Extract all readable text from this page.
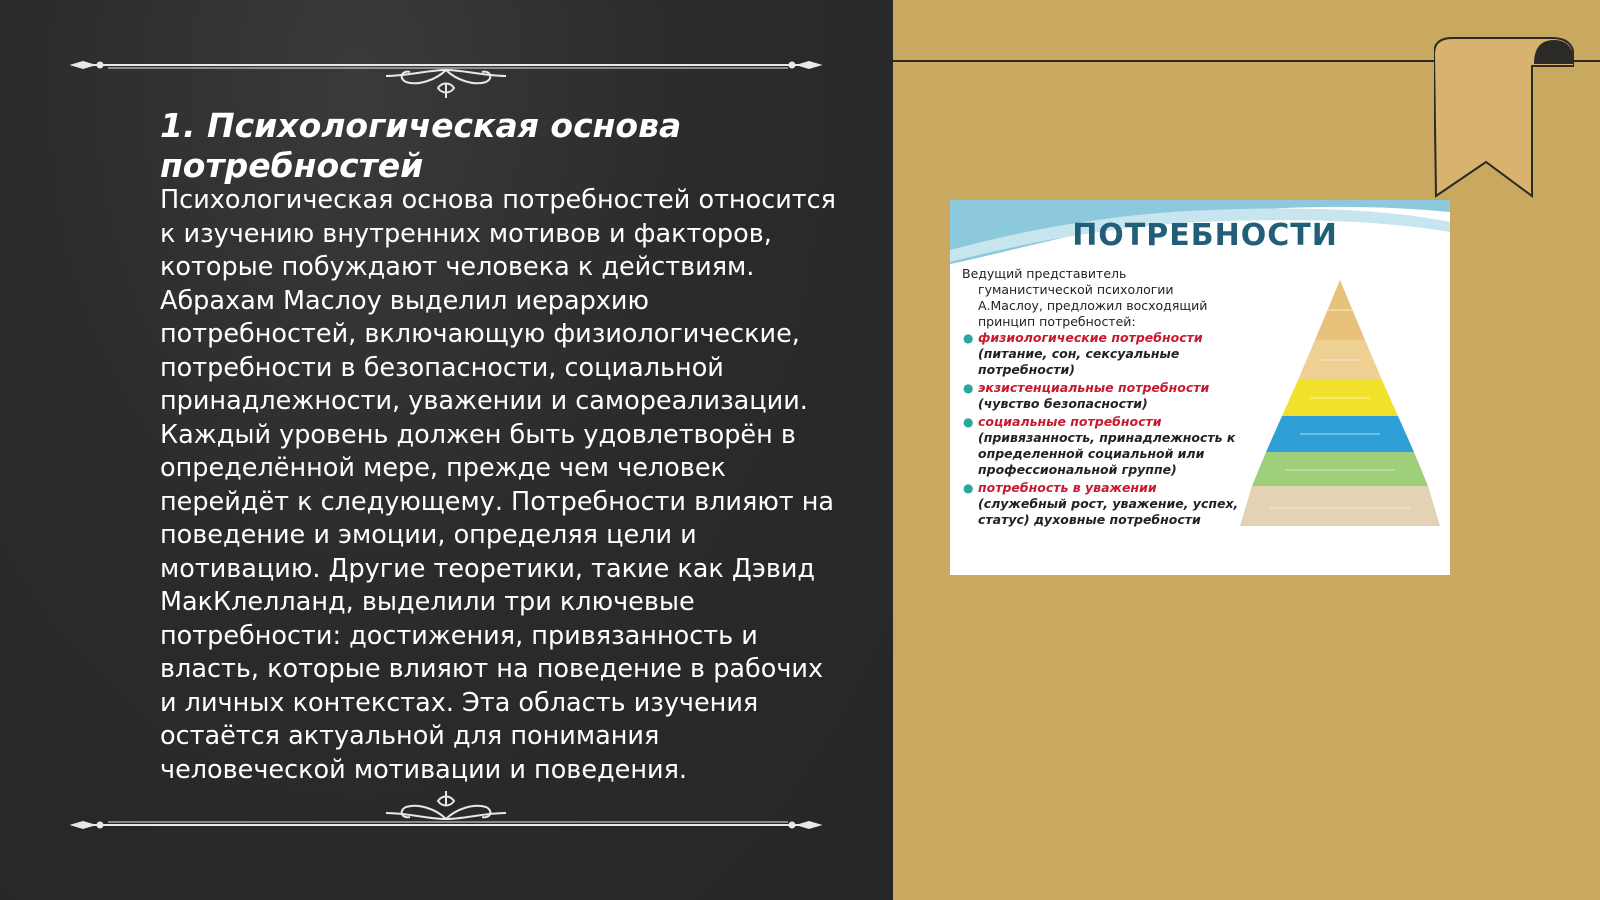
1. Психологическая основа потребностей

Психологическая основа потребностей относится к изучению внутренних мотивов и факторов, которые побуждают человека к действиям. Абрахам Маслоу выделил иерархию потребностей, включающую физиологические, потребности в безопасности, социальной принадлежности, уважении и самореализации. Каждый уровень должен быть удовлетворён в определённой мере, прежде чем человек перейдёт к следующему. Потребности влияют на поведение и эмоции, определяя цели и мотивацию. Другие теоретики, такие как Дэвид МакКлелланд, выделили три ключевые потребности: достижения, привязанность и власть, которые влияют на поведение в рабочих и личных контекстах. Эта область изучения остаётся актуальной для понимания человеческой мотивации и поведения.

ПОТРЕБНОСТИ

Ведущий представитель
гуманистической психологии
А.Маслоу, предложил восходящий
принцип потребностей:

● физиологические потребности
(питание, сон, сексуальные потребности)
● экзистенциальные потребности
(чувство безопасности)
● социальные потребности
(привязанность, принадлежность к определенной социальной или профессиональной группе)
● потребность в уважении
(служебный рост, уважение, успех, статус) духовные потребности
